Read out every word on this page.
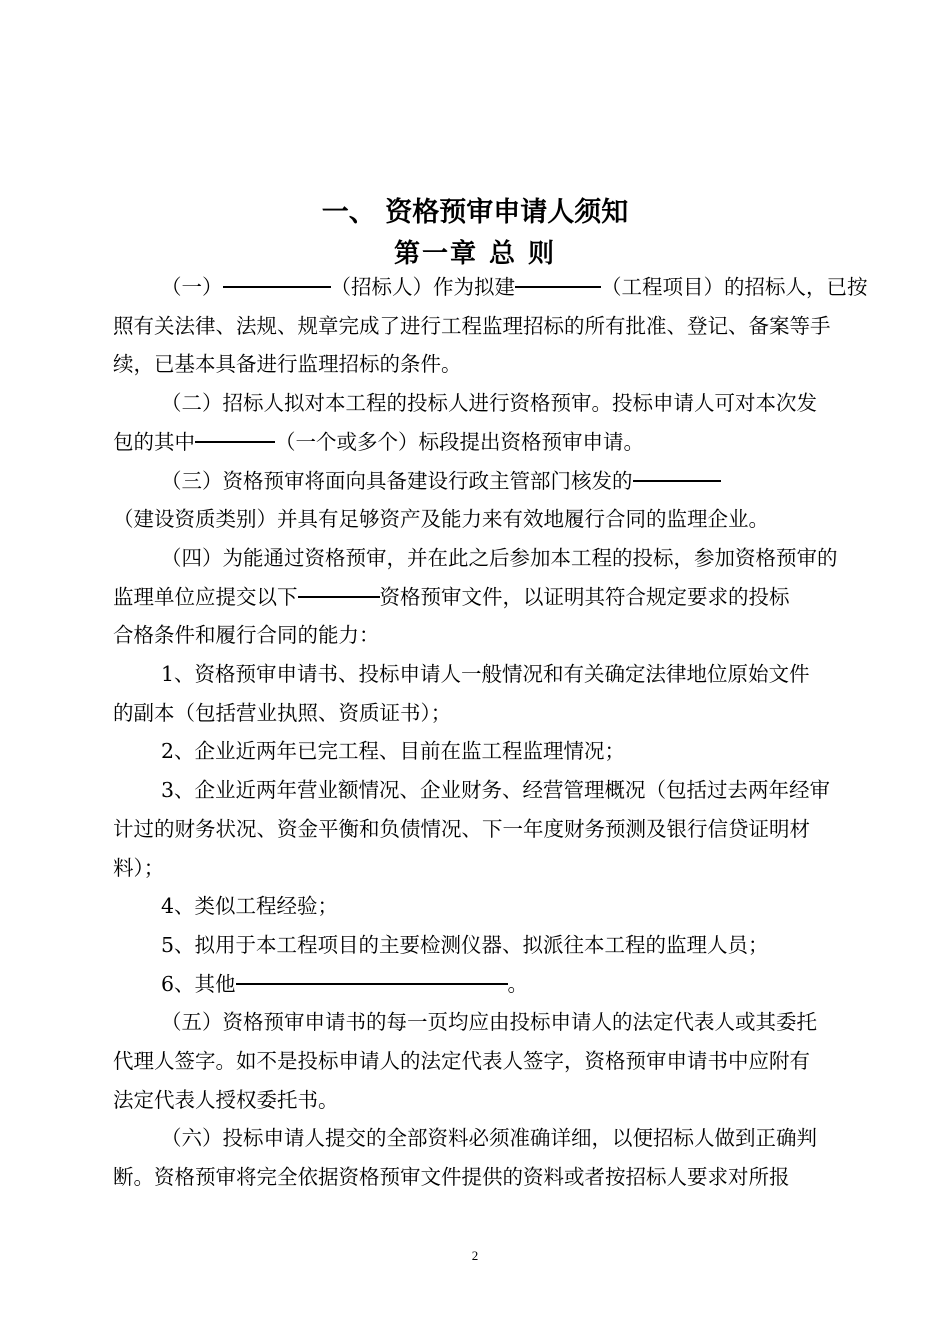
一、 资格预审申请人须知
第一章 总 则
（一）	（招标人）作为拟建	（工程项目）的招标人，已按
照有关法律、法规、规章完成了进行工程监理招标的所有批准、登记、备案等手
续，已基本具备进行监理招标的条件。
（二）招标人拟对本工程的投标人进行资格预审。投标申请人可对本次发
包的其中	（一个或多个）标段提出资格预审申请。
（三）资格预审将面向具备建设行政主管部门核发的
（建设资质类别）并具有足够资产及能力来有效地履行合同的监理企业。
（四）为能通过资格预审，并在此之后参加本工程的投标，参加资格预审的
监理单位应提交以下	资格预审文件，以证明其符合规定要求的投标
合格条件和履行合同的能力：
1、资格预审申请书、投标申请人一般情况和有关确定法律地位原始文件
的副本（包括营业执照、资质证书）；
2、企业近两年已完工程、目前在监工程监理情况；
3、企业近两年营业额情况、企业财务、经营管理概况（包括过去两年经审
计过的财务状况、资金平衡和负债情况、下一年度财务预测及银行信贷证明材
料）；
4、类似工程经验；
5、拟用于本工程项目的主要检测仪器、拟派往本工程的监理人员；
6、其他	。
（五）资格预审申请书的每一页均应由投标申请人的法定代表人或其委托
代理人签字。如不是投标申请人的法定代表人签字，资格预审申请书中应附有
法定代表人授权委托书。
（六）投标申请人提交的全部资料必须准确详细，以便招标人做到正确判
断。资格预审将完全依据资格预审文件提供的资料或者按招标人要求对所报
2
